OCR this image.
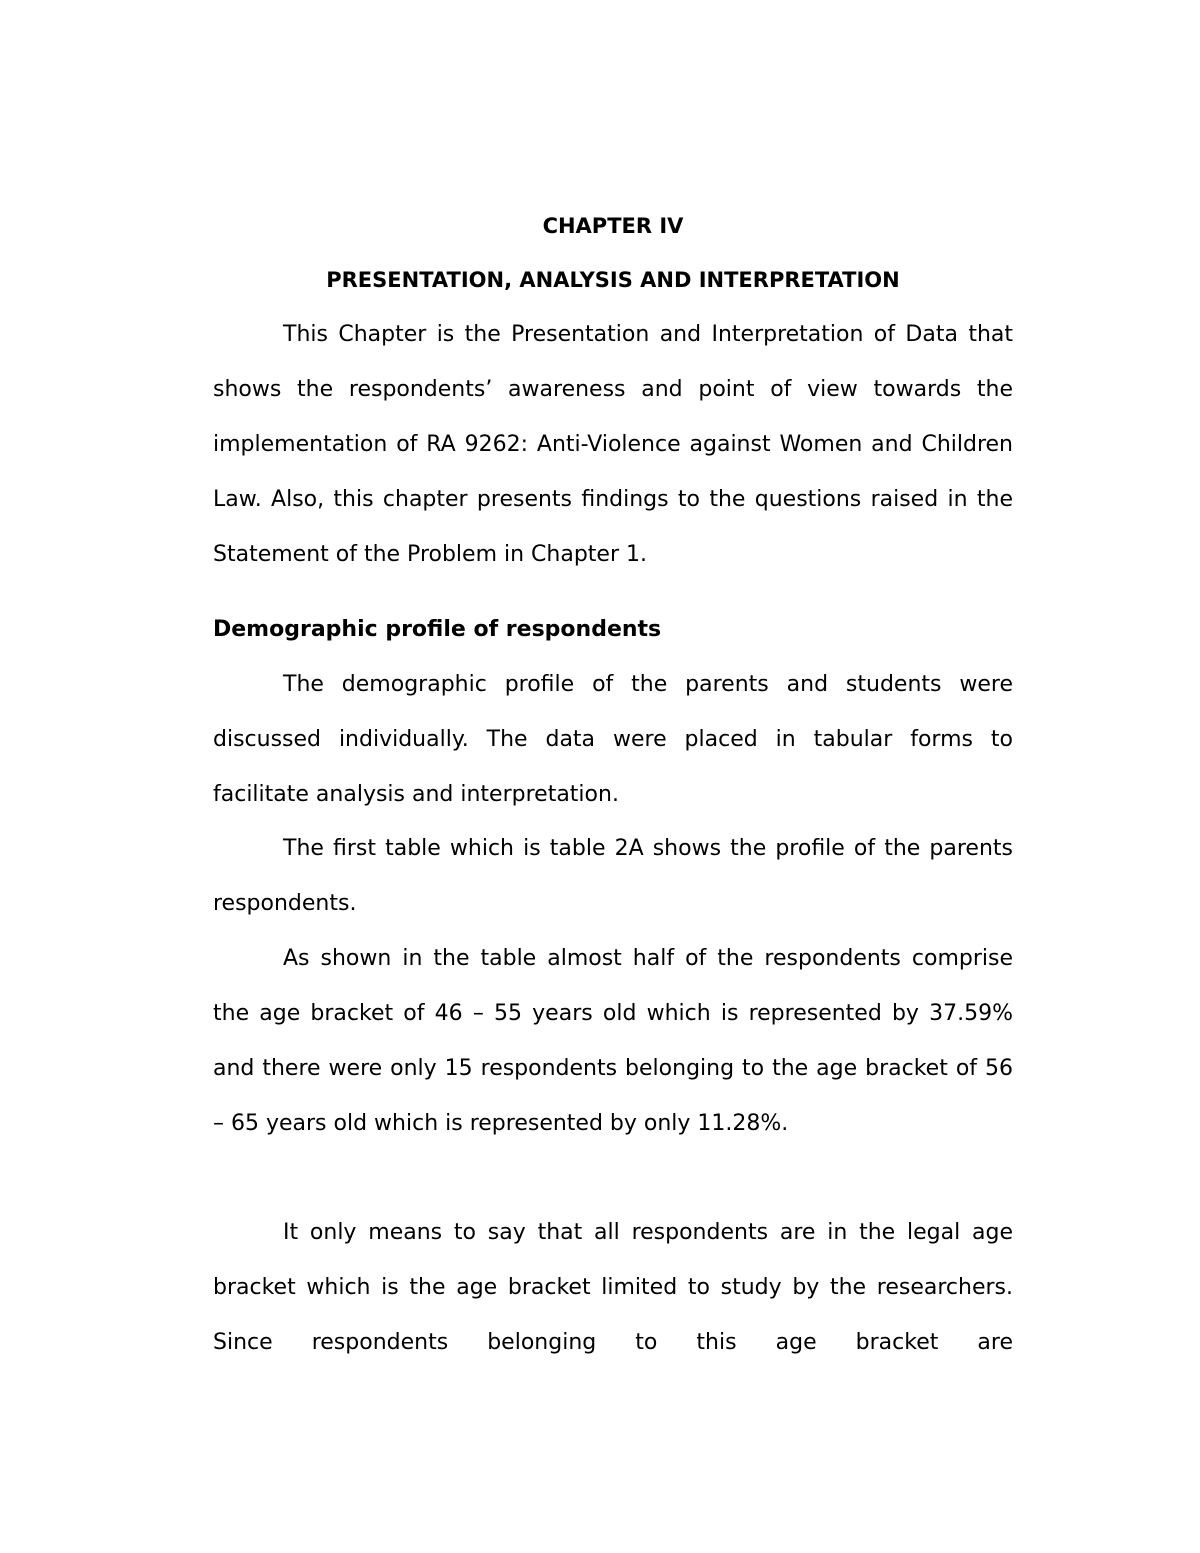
CHAPTER IV

PRESENTATION, ANALYSIS AND INTERPRETATION

This Chapter is the Presentation and Interpretation of Data that shows the respondents’ awareness and point of view towards the implementation of RA 9262: Anti-Violence against Women and Children Law. Also, this chapter presents findings to the questions raised in the Statement of the Problem in Chapter 1.

Demographic profile of respondents

The demographic profile of the parents and students were discussed individually. The data were placed in tabular forms to facilitate analysis and interpretation.

The first table which is table 2A shows the profile of the parents respondents.

As shown in the table almost half of the respondents comprise the age bracket of 46 – 55 years old which is represented by 37.59% and there were only 15 respondents belonging to the age bracket of 56 – 65 years old which is represented by only 11.28%.

It only means to say that all respondents are in the legal age bracket which is the age bracket limited to study by the researchers. Since respondents belonging to this age bracket are
